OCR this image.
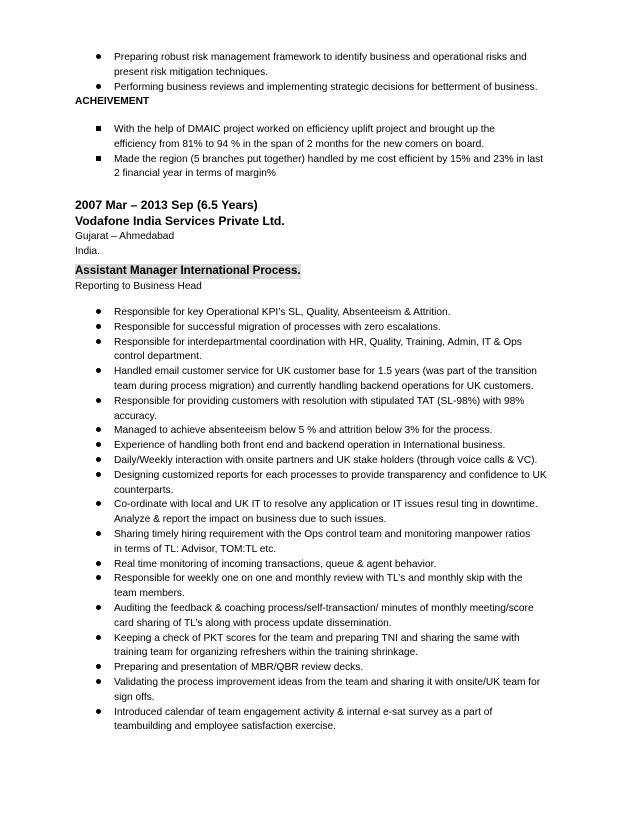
Preparing robust risk management framework to identify business and operational risks and
present risk mitigation techniques.
Performing business reviews and implementing strategic decisions for betterment of business.
ACHEIVEMENT
With the help of DMAIC project worked on efficiency uplift project and brought up the
efficiency from 81% to 94 % in the span of 2 months for the new comers on board.
Made the region (5 branches put together) handled by me cost efficient by 15% and 23% in last
2 financial year in terms of margin%
2007 Mar – 2013 Sep (6.5 Years)
Vodafone India Services Private Ltd.
Gujarat – Ahmedabad
India.
Assistant Manager International Process.
Reporting to Business Head
Responsible for key Operational KPI’s SL, Quality, Absenteeism & Attrition.
Responsible for successful migration of processes with zero escalations.
Responsible for interdepartmental coordination with HR, Quality, Training, Admin, IT & Ops
control department.
Handled email customer service for UK customer base for 1.5 years (was part of the transition
team during process migration) and currently handling backend operations for UK customers.
Responsible for providing customers with resolution with stipulated TAT (SL-98%) with 98%
accuracy.
Managed to achieve absenteeism below 5 % and attrition below 3% for the process.
Experience of handling both front end and backend operation in International business.
Daily/Weekly interaction with onsite partners and UK stake holders (through voice calls & VC).
Designing customized reports for each processes to provide transparency and confidence to UK
counterparts.
Co-ordinate with local and UK IT to resolve any application or IT issues resul ting in downtime.
Analyze & report the impact on business due to such issues.
Sharing timely hiring requirement with the Ops control team and monitoring manpower ratios
in terms of TL: Advisor, TOM:TL etc.
Real time monitoring of incoming transactions, queue & agent behavior.
Responsible for weekly one on one and monthly review with TL’s and monthly skip with the
team members.
Auditing the feedback & coaching process/self-transaction/ minutes of monthly meeting/score
card sharing of TL’s along with process update dissemination.
Keeping a check of PKT scores for the team and preparing TNI and sharing the same with
training team for organizing refreshers within the training shrinkage.
Preparing and presentation of MBR/QBR review decks.
Validating the process improvement ideas from the team and sharing it with onsite/UK team for
sign offs.
Introduced calendar of team engagement activity & internal e-sat survey as a part of
teambuilding and employee satisfaction exercise.
